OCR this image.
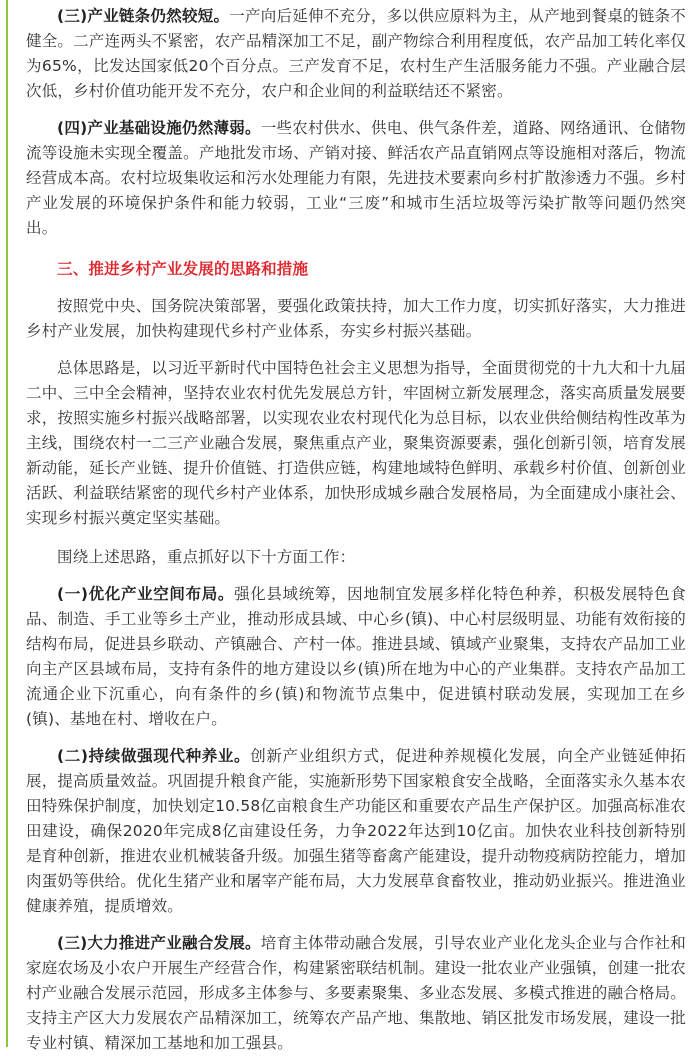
(三)产业链条仍然较短。一产向后延伸不充分，多以供应原料为主，从产地到餐桌的链条不健全。二产连两头不紧密，农产品精深加工不足，副产物综合利用程度低，农产品加工转化率仅为65%，比发达国家低20个百分点。三产发育不足，农村生产生活服务能力不强。产业融合层次低，乡村价值功能开发不充分，农户和企业间的利益联结还不紧密。

(四)产业基础设施仍然薄弱。一些农村供水、供电、供气条件差，道路、网络通讯、仓储物流等设施未实现全覆盖。产地批发市场、产销对接、鲜活农产品直销网点等设施相对落后，物流经营成本高。农村垃圾集收运和污水处理能力有限，先进技术要素向乡村扩散渗透力不强。乡村产业发展的环境保护条件和能力较弱，工业“三废”和城市生活垃圾等污染扩散等问题仍然突出。

三、推进乡村产业发展的思路和措施

按照党中央、国务院决策部署，要强化政策扶持，加大工作力度，切实抓好落实，大力推进乡村产业发展，加快构建现代乡村产业体系，夯实乡村振兴基础。

总体思路是，以习近平新时代中国特色社会主义思想为指导，全面贯彻党的十九大和十九届二中、三中全会精神，坚持农业农村优先发展总方针，牢固树立新发展理念，落实高质量发展要求，按照实施乡村振兴战略部署，以实现农业农村现代化为总目标，以农业供给侧结构性改革为主线，围绕农村一二三产业融合发展，聚焦重点产业，聚集资源要素，强化创新引领，培育发展新动能，延长产业链、提升价值链、打造供应链，构建地域特色鲜明、承载乡村价值、创新创业活跃、利益联结紧密的现代乡村产业体系，加快形成城乡融合发展格局，为全面建成小康社会、实现乡村振兴奠定坚实基础。

围绕上述思路，重点抓好以下十方面工作：

(一)优化产业空间布局。强化县域统筹，因地制宜发展多样化特色种养，积极发展特色食品、制造、手工业等乡土产业，推动形成县域、中心乡(镇)、中心村层级明显、功能有效衔接的结构布局，促进县乡联动、产镇融合、产村一体。推进县域、镇域产业聚集，支持农产品加工业向主产区县域布局，支持有条件的地方建设以乡(镇)所在地为中心的产业集群。支持农产品加工流通企业下沉重心，向有条件的乡(镇)和物流节点集中，促进镇村联动发展，实现加工在乡(镇)、基地在村、增收在户。

(二)持续做强现代种养业。创新产业组织方式，促进种养规模化发展，向全产业链延伸拓展，提高质量效益。巩固提升粮食产能，实施新形势下国家粮食安全战略，全面落实永久基本农田特殊保护制度，加快划定10.58亿亩粮食生产功能区和重要农产品生产保护区。加强高标准农田建设，确保2020年完成8亿亩建设任务，力争2022年达到10亿亩。加快农业科技创新特别是育种创新，推进农业机械装备升级。加强生猪等畜禽产能建设，提升动物疫病防控能力，增加肉蛋奶等供给。优化生猪产业和屠宰产能布局，大力发展草食畜牧业，推动奶业振兴。推进渔业健康养殖，提质增效。

(三)大力推进产业融合发展。培育主体带动融合发展，引导农业产业化龙头企业与合作社和家庭农场及小农户开展生产经营合作，构建紧密联结机制。建设一批农业产业强镇，创建一批农村产业融合发展示范园，形成多主体参与、多要素聚集、多业态发展、多模式推进的融合格局。支持主产区大力发展农产品精深加工，统筹农产品产地、集散地、销区批发市场发展，建设一批专业村镇、精深加工基地和加工强县。
